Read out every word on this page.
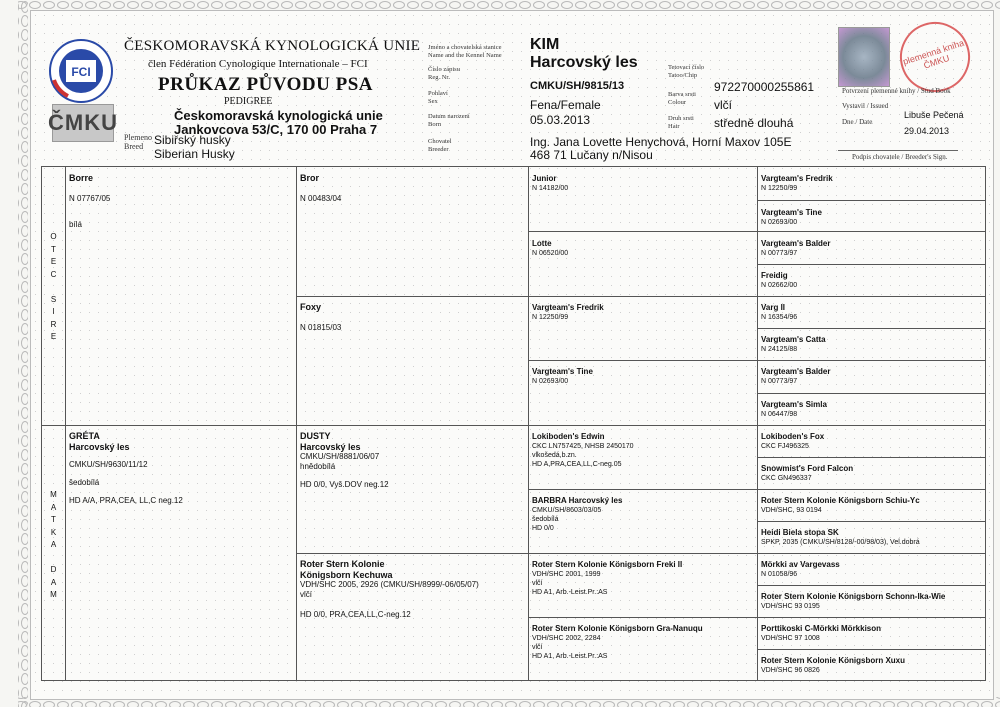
FCI
ČMKU
ČESKOMORAVSKÁ KYNOLOGICKÁ UNIE
člen Fédération Cynologique Internationale – FCI
PRŮKAZ PŮVODU PSA
PEDIGREE
Českomoravská kynologická unie
Jankovcova 53/C, 170 00 Praha 7
Plemeno
Breed Sibiřský husky
Siberian Husky
Jméno a chovatelská stanice
Name and the Kennel Name
Číslo zápisu
Reg. Nr.
Pohlaví
Sex
Datum narození
Born
Chovatel
Breeder
KIM
Harcovský les
CMKU/SH/9815/13
Fena/Female
05.03.2013
Ing. Jana Lovette Henychová, Horní Maxov 105E
468 71 Lučany n/Nisou
Tetovací číslo
Tatoo/Chip
Barva srsti
Colour
Druh srsti
Hair
972270000255861
vlčí
středně dlouhá
plemenná kniha ČMKU
Potvrzení plemenné knihy / Stud Book
Vystavil / Issued
Libuše Pečená
Dne / Date
29.04.2013
Podpis chovatele / Breeder's Sign.
O
T
E
C

S
I
R
E
M
A
T
K
A

D
A
M
Borre
N 07767/05
bílá
GRÉTA
Harcovský les
CMKU/SH/9630/11/12
šedobílá
HD A/A, PRA,CEA, LL,C neg.12
Bror
N 00483/04
Foxy
N 01815/03
DUSTY
Harcovský les
CMKU/SH/8881/06/07
hnědobílá
HD 0/0, Vyš.DOV neg.12
Roter Stern Kolonie
Königsborn Kechuwa
VDH/SHC 2005, 2926 (CMKU/SH/8999/-06/05/07)
vlčí
HD 0/0, PRA,CEA,LL,C-neg.12
Junior
N 14182/00
Lotte
N 06520/00
Vargteam's Fredrik
N 12250/99
Vargteam's Tine
N 02693/00
Lokiboden's Edwin
CKC LN757425, NHSB 2450170
vlkošedá,b.zn.
HD A,PRA,CEA,LL,C-neg.05
BARBRA Harcovský les
CMKU/SH/8603/03/05
šedobílá
HD 0/0
Roter Stern Kolonie Königsborn Freki II
VDH/SHC 2001, 1999
vlčí
HD A1, Arb.-Leist.Pr.:AS
Roter Stern Kolonie Königsborn Gra-Nanuqu
VDH/SHC 2002, 2284
vlčí
HD A1, Arb.-Leist.Pr.:AS
Vargteam's Fredrik
N 12250/99
Vargteam's Tine
N 02693/00
Vargteam's Balder
N 00773/97
Freidig
N 02662/00
Varg II
N 16354/96
Vargteam's Catta
N 24125/88
Vargteam's Balder
N 00773/97
Vargteam's Simla
N 06447/98
Lokiboden's Fox
CKC FJ496325
Snowmist's Ford Falcon
CKC GN496337
Roter Stern Kolonie Königsborn Schiu-Yc
VDH/SHC, 93 0194
Heidi Biela stopa SK
SPKP, 2035 (CMKU/SH/8128/-00/98/03), Vel.dobrá
Mörkki av Vargevass
N 01058/96
Roter Stern Kolonie Königsborn Schonn-Ika-Wie
VDH/SHC 93 0195
Porttikoski C-Mörkki Mörkkison
VDH/SHC 97 1008
Roter Stern Kolonie Königsborn Xuxu
VDH/SHC 96 0826
